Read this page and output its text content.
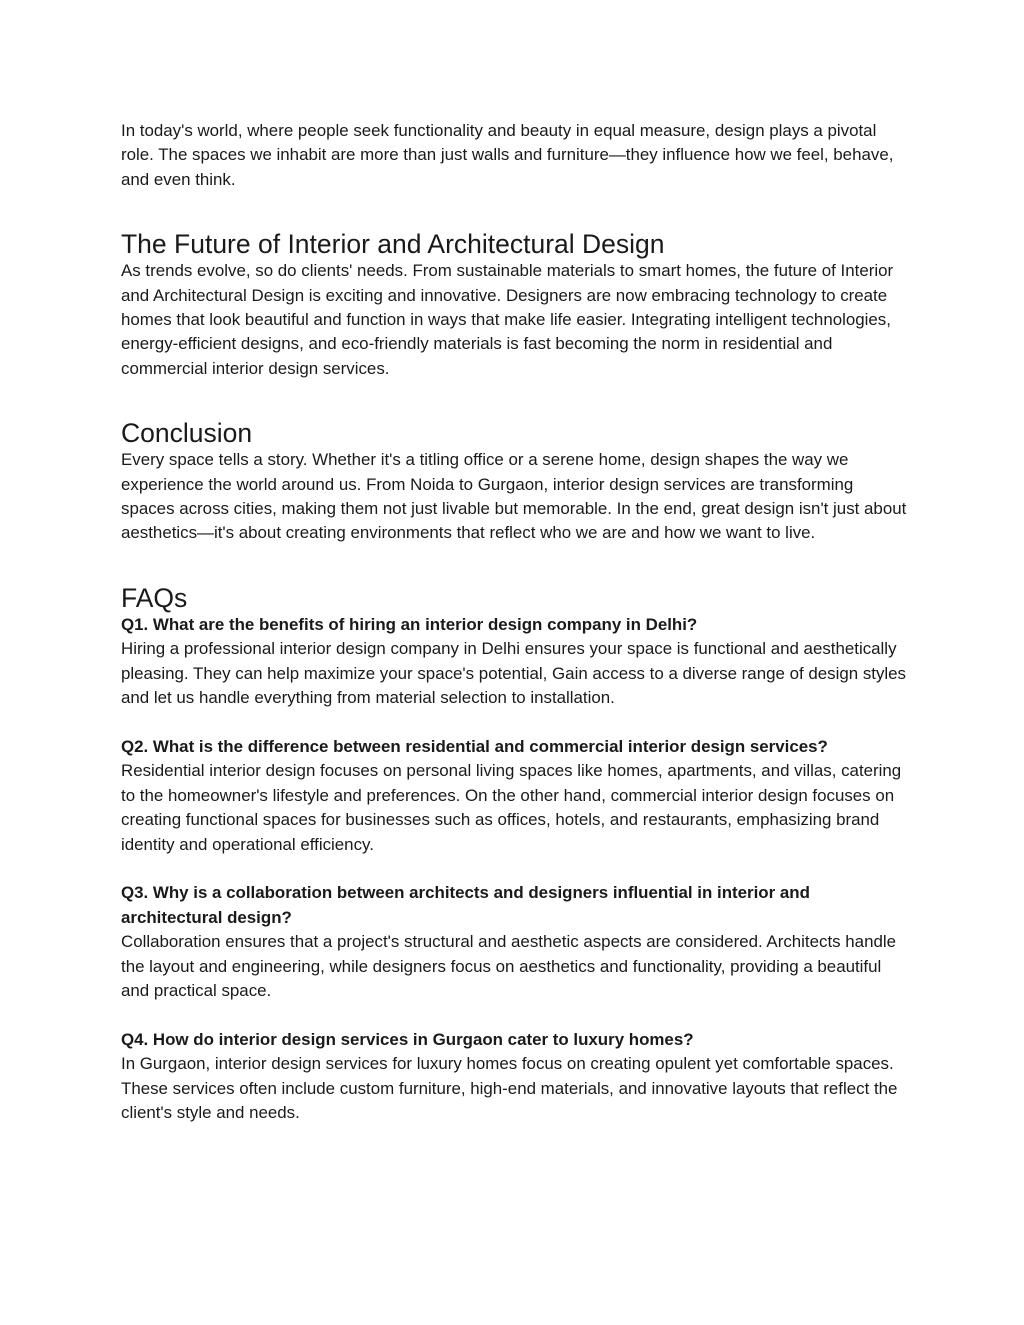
In today's world, where people seek functionality and beauty in equal measure, design plays a pivotal role. The spaces we inhabit are more than just walls and furniture—they influence how we feel, behave, and even think.

The Future of Interior and Architectural Design

As trends evolve, so do clients' needs. From sustainable materials to smart homes, the future of Interior and Architectural Design is exciting and innovative. Designers are now embracing technology to create homes that look beautiful and function in ways that make life easier. Integrating intelligent technologies, energy-efficient designs, and eco-friendly materials is fast becoming the norm in residential and commercial interior design services.

Conclusion

Every space tells a story. Whether it's a titling office or a serene home, design shapes the way we experience the world around us. From Noida to Gurgaon, interior design services are transforming spaces across cities, making them not just livable but memorable. In the end, great design isn't just about aesthetics—it's about creating environments that reflect who we are and how we want to live.

FAQs
Q1. What are the benefits of hiring an interior design company in Delhi?

Hiring a professional interior design company in Delhi ensures your space is functional and aesthetically pleasing. They can help maximize your space's potential, Gain access to a diverse range of design styles and let us handle everything from material selection to installation.

Q2. What is the difference between residential and commercial interior design services?

Residential interior design focuses on personal living spaces like homes, apartments, and villas, catering to the homeowner's lifestyle and preferences. On the other hand, commercial interior design focuses on creating functional spaces for businesses such as offices, hotels, and restaurants, emphasizing brand identity and operational efficiency.

Q3. Why is a collaboration between architects and designers influential in interior and architectural design?

Collaboration ensures that a project's structural and aesthetic aspects are considered. Architects handle the layout and engineering, while designers focus on aesthetics and functionality, providing a beautiful and practical space.

Q4. How do interior design services in Gurgaon cater to luxury homes?

In Gurgaon, interior design services for luxury homes focus on creating opulent yet comfortable spaces. These services often include custom furniture, high-end materials, and innovative layouts that reflect the client's style and needs.
